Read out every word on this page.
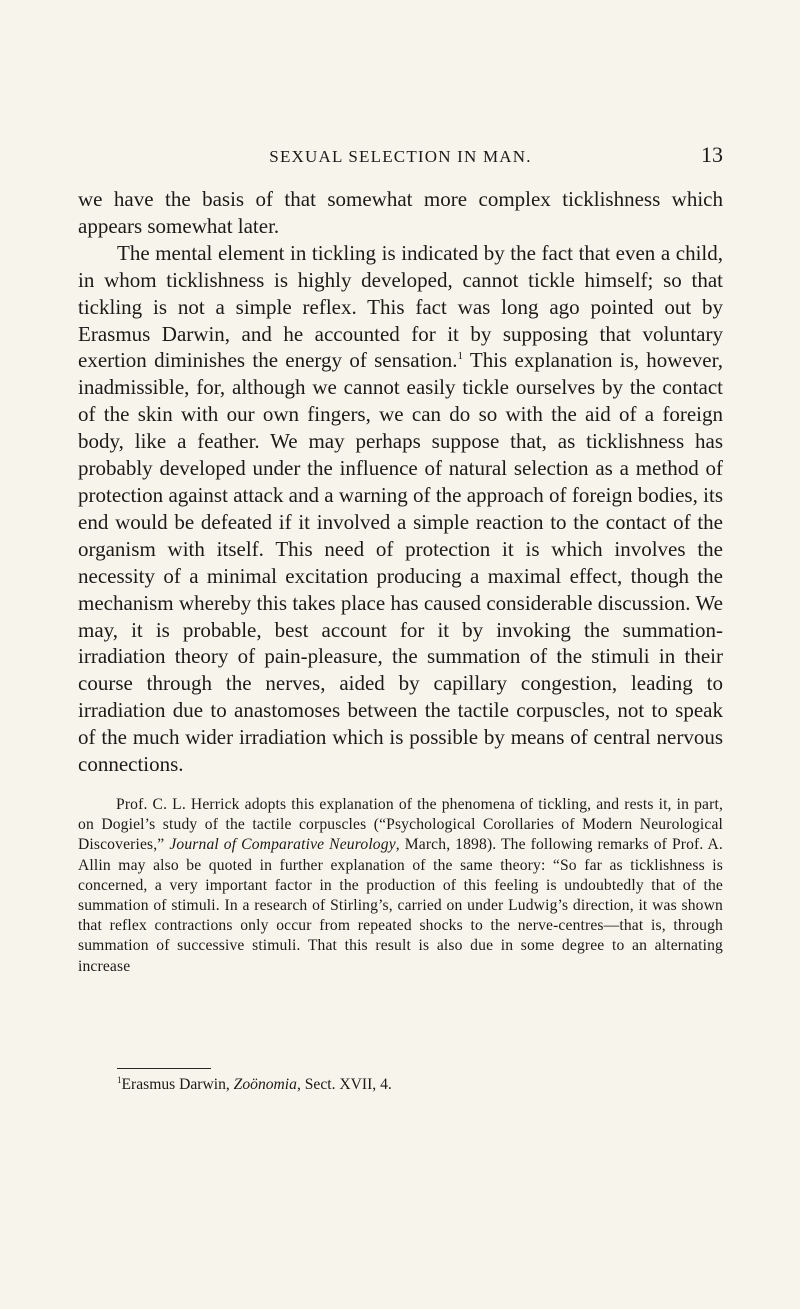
SEXUAL SELECTION IN MAN.	13

we have the basis of that somewhat more complex ticklishness which appears somewhat later.

The mental element in tickling is indicated by the fact that even a child, in whom ticklishness is highly developed, cannot tickle himself; so that tickling is not a simple reflex. This fact was long ago pointed out by Erasmus Darwin, and he accounted for it by supposing that voluntary exertion diminishes the energy of sensation.$^1$ This explanation is, however, inadmissible, for, although we cannot easily tickle ourselves by the contact of the skin with our own fingers, we can do so with the aid of a foreign body, like a feather. We may perhaps suppose that, as ticklishness has probably developed under the influence of natural selection as a method of protection against attack and a warning of the approach of foreign bodies, its end would be defeated if it involved a simple reaction to the contact of the organism with itself. This need of protection it is which involves the necessity of a minimal excitation producing a maximal effect, though the mechanism whereby this takes place has caused considerable discussion. We may, it is probable, best account for it by invoking the summation-irradiation theory of pain-pleasure, the summation of the stimuli in their course through the nerves, aided by capillary congestion, leading to irradiation due to anastomoses between the tactile corpuscles, not to speak of the much wider irradiation which is possible by means of central nervous connections.

Prof. C. L. Herrick adopts this explanation of the phenomena of tickling, and rests it, in part, on Dogiel’s study of the tactile corpuscles (“Psychological Corollaries of Modern Neurological Discoveries,” Journal of Comparative Neurology, March, 1898). The following remarks of Prof. A. Allin may also be quoted in further explanation of the same theory: “So far as ticklishness is concerned, a very important factor in the production of this feeling is undoubtedly that of the summation of stimuli. In a research of Stirling’s, carried on under Ludwig’s direction, it was shown that reflex contractions only occur from repeated shocks to the nerve-centres—that is, through summation of successive stimuli. That this result is also due in some degree to an alternating increase

$^1$Erasmus Darwin, Zoönomia, Sect. XVII, 4.
